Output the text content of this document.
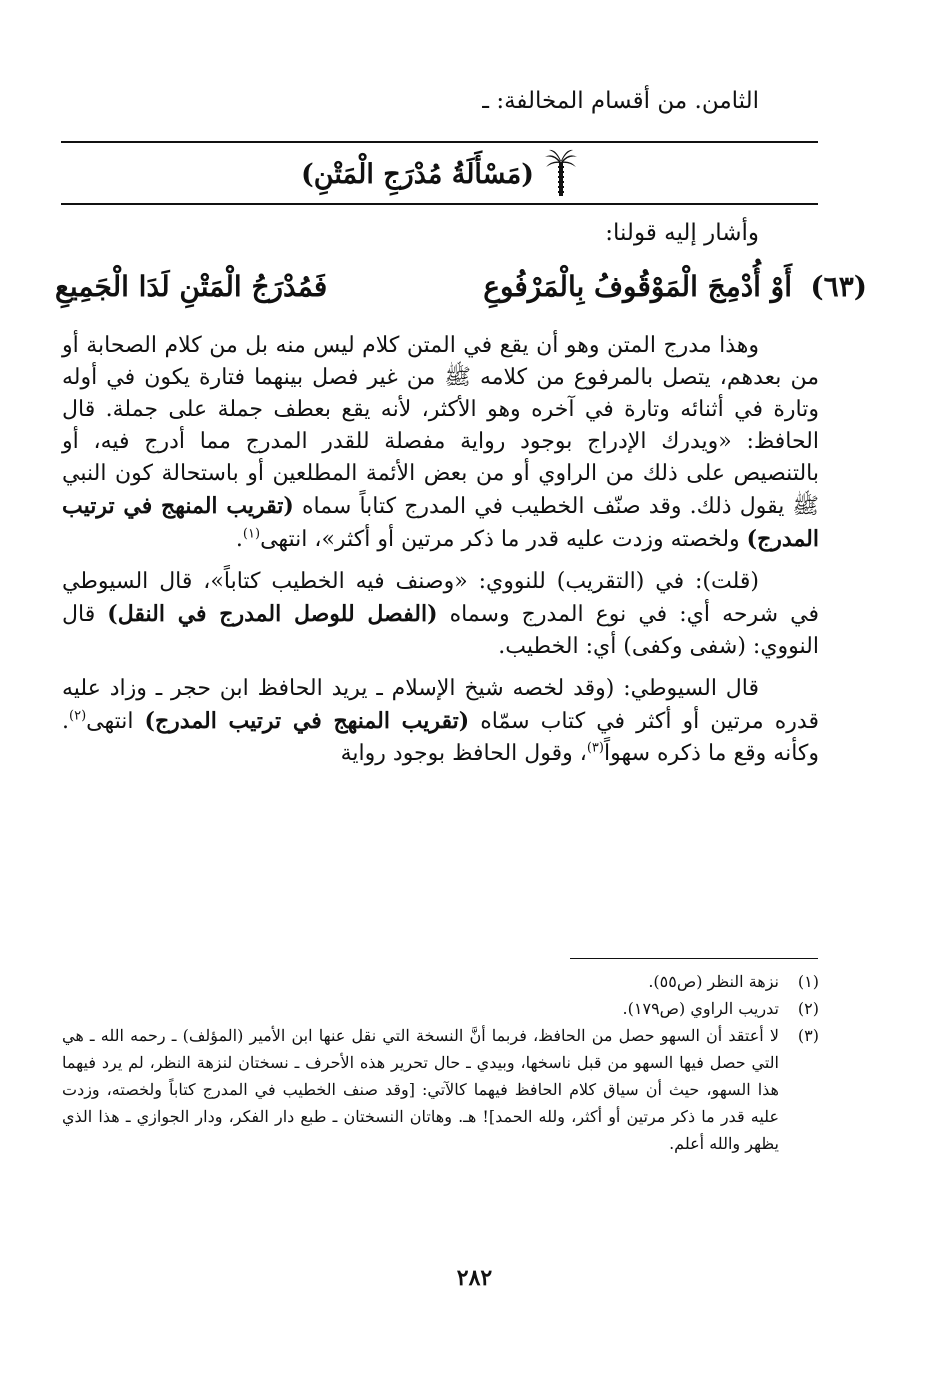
الثامن. من أقسام المخالفة: ـ
(مَسْأَلَةُ مُدْرَجِ الْمَتْنِ)
وأشار إليه قولنا:
(٦٣)
أَوْ أُدْمِجَ الْمَوْقُوفُ بِالْمَرْفُوعِ
فَمُدْرَجُ الْمَتْنِ لَدَا الْجَمِيعِ

وهذا مدرج المتن وهو أن يقع في المتن كلام ليس منه بل من كلام الصحابة أو من بعدهم، يتصل بالمرفوع من كلامه ﷺ من غير فصل بينهما فتارة يكون في أوله وتارة في أثنائه وتارة في آخره وهو الأكثر، لأنه يقع بعطف جملة على جملة. قال الحافظ: «ويدرك الإدراج بوجود رواية مفصلة للقدر المدرج مما أدرج فيه، أو بالتنصيص على ذلك من الراوي أو من بعض الأئمة المطلعين أو باستحالة كون النبي ﷺ يقول ذلك. وقد صنّف الخطيب في المدرج كتاباً سماه (تقريب المنهج في ترتيب المدرج) ولخصته وزدت عليه قدر ما ذكر مرتين أو أكثر»، انتهى$^{(١)}$.

(قلت): في (التقريب) للنووي: «وصنف فيه الخطيب كتاباً»، قال السيوطي في شرحه أي: في نوع المدرج وسماه (الفصل للوصل المدرج في النقل) قال النووي: (شفى وكفى) أي: الخطيب.

قال السيوطي: (وقد لخصه شيخ الإسلام ـ يريد الحافظ ابن حجر ـ وزاد عليه قدره مرتين أو أكثر في كتاب سمّاه (تقريب المنهج في ترتيب المدرج) انتهى$^{(٢)}$. وكأنه وقع ما ذكره سهواً$^{(٣)}$، وقول الحافظ بوجود رواية

(١)
نزهة النظر (ص٥٥).
(٢)
تدريب الراوي (ص١٧٩).
(٣)
لا أعتقد أن السهو حصل من الحافظ، فربما أنَّ النسخة التي نقل عنها ابن الأمير (المؤلف) ـ رحمه الله ـ هي التي حصل فيها السهو من قبل ناسخها، وبيدي ـ حال تحرير هذه الأحرف ـ نسختان لنزهة النظر، لم يرد فيهما هذا السهو، حيث أن سياق كلام الحافظ فيهما كالآتي: [وقد صنف الخطيب في المدرج كتاباً ولخصته، وزدت عليه قدر ما ذكر مرتين أو أكثر، ولله الحمد]! هـ. وهاتان النسختان ـ طبع دار الفكر، ودار الجوازي ـ هذا الذي يظهر والله أعلم.
٢٨٢
